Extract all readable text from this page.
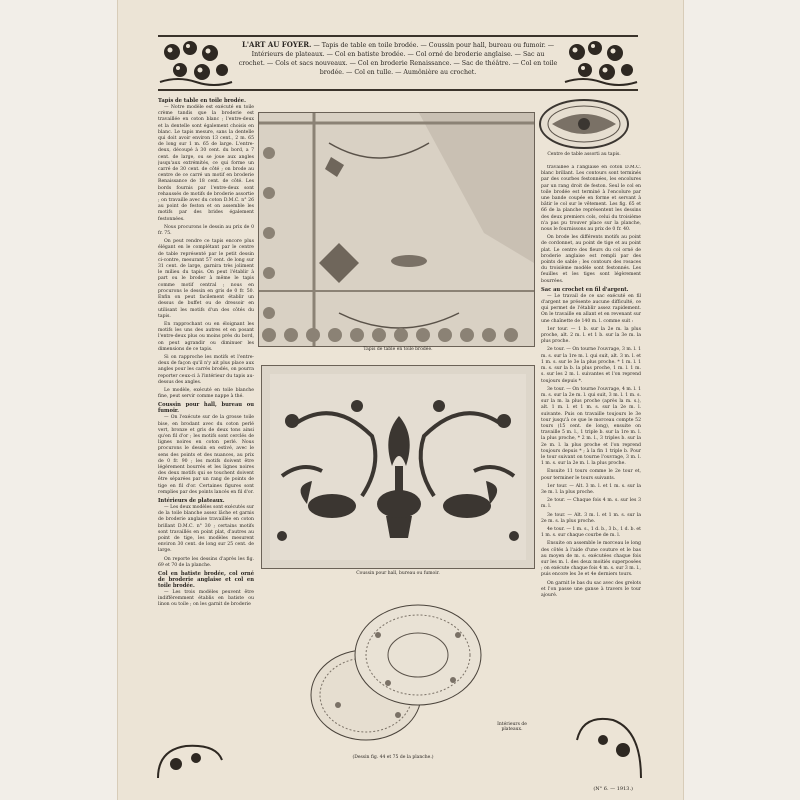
L'ART AU FOYER. — Tapis de table en toile brodée. — Coussin pour hall, bureau ou fumoir. — Intérieurs de plateaux. — Col en batiste brodée. — Col orné de broderie anglaise. — Sac au crochet. — Cols et sacs nouveaux. — Col en broderie Renaissance. — Sac de théâtre. — Col en toile brodée. — Col en tulle. — Aumônière au crochet.
Tapis de table en toile brodée.
Centre de table assorti au tapis.
Coussin pour hall, bureau ou fumoir.
(Dessin fig. 44 et 75 de la planche.)
Intérieurs de plateaux.
Tapis de table en toile brodée.

— Notre modèle est exécuté en toile crème tandis que la broderie est travaillée en coton blanc ; l'entre-deux et la dentelle sont également choisis en blanc. Le tapis mesure, sans la dentelle qui doit avoir environ 13 cent., 2 m. 65 de long sur 1 m. 65 de large. L'entre-deux, découpé à 30 cent. du bord, a 7 cent. de large, ou se joue aux angles jusqu'aux extrémités, ce qui forme un carré de 30 cent. de côté ; on brode au centre de ce carré un motif en broderie Renaissance de 18 cent. de côté. Les bords fournis par l'entre-deux sont rehaussés de motifs de broderie assortie ; on travaille avec du coton D.M.C. n° 26 au point de feston et on assemble les motifs par des brides également festonnées.

Nous procurons le dessin au prix de 0 fr. 75.

On peut rendre ce tapis encore plus élégant en le complétant par le centre de table représenté par le petit dessin ci-contre, mesurant 57 cent. de long sur 31 cent. de large, garnira très joliment le milieu du tapis. On peut l'établir à part ou le broder à même le tapis comme motif central ; nous en procurons le dessin en gris de 0 fr. 50. Enfin on peut facilement établir un dessus de buffet ou de dressoir en utilisant les motifs d'un des côtés du tapis.

En rapprochant ou en éloignant les motifs les uns des autres et en posant l'entre-deux plus ou moins près du bord, on peut agrandir ou diminuer les dimensions de ce tapis.

Si on rapproche les motifs et l'entre-deux de façon qu'il n'y ait plus place aux angles pour les carrés brodés, on pourra reporter ceux-ci à l'intérieur du tapis au-dessus des angles.

Le modèle, exécuté en toile blanche fine, peut servir comme nappe à thé.

Coussin pour hall, bureau ou fumoir.

— On l'exécute sur de la grosse toile bise, en brodant avec du coton perlé vert, bronze et gris de deux tons ainsi qu'en fil d'or ; les motifs sont cerclés de lignes noires en coton perlé. Nous procurons le dessin en estivé, avec le sens des points et des nuances, au prix de 0 fr. 90 ; les motifs doivent être légèrement bourrés et les lignes noires des deux motifs qui se touchent doivent être séparées par un rang de points de tige en fil d'or. Certaines figures sont remplies par des points lancés en fil d'or.

Intérieurs de plateaux.

— Les deux modèles sont exécutés sur de la toile blanche assez lâche et garnis de broderie anglaise travaillée en coton brillant D.M.C. n° 30 ; certains motifs sont travaillés en point plat, d'autres au point de tige, les modèles mesurent environ 30 cent. de long sur 25 cent. de large.

On reporte les dessins d'après les fig. 69 et 70 de la planche.

Col en batiste brodée, col orné de broderie anglaise et col en toile brodée.

— Les trois modèles peuvent être indifféremment établis en batiste ou linon ou toile ; on les garnit de broderie

travaillée à l'anglaise en coton D.M.C. blanc brillant. Les contours sont terminés par des courbes festonnées, les encolures par un rang droit de feston. Seul le col en toile brodée est terminé à l'encolure par une bande coupée en forme et servant à bâtir le col sur le vêtement. Les fig. 65 et 66 de la planche représentent les dessins des deux premiers cols, celui du troisième n'a pas pu trouver place sur la planche, nous le fournissons au prix de 0 fr. 40.

On brode les différents motifs au point de cordonnet, au point de tige et au point plat. Le centre des fleurs du col orné de broderie anglaise est rempli par des points de sable ; les contours des rosaces du troisième modèle sont festonnés. Les feuilles et les tiges sont légèrement bourrées.

Sac au crochet en fil d'argent.

— Le travail de ce sac exécuté en fil d'argent ne présente aucune difficulté, ce qui permet de l'établir assez rapidement. On le travaille en allant et en revenant sur une chaînette de 140 m. l. comme suit :

1er tour. — 1 b. sur la 2e m. la plus proche, alt. 2 m. l. et 1 b. sur la 3e m. la plus proche.

2e tour. — On tourne l'ouvrage, 3 m. l. 1 m. s. sur la 1re m. l. qui suit, alt. 3 m. l. et 1 m. s. sur le 3e la plus proche. * 1 m. l. 1 m. s. sur la b. la plus proche, 1 m. l. 1 m. s. sur les 2 m. l. suivantes et l'on reprend toujours depuis *.

3e tour. — On tourne l'ouvrage, 4 m. l. 1 m. s. sur la 2e m. l. qui suit, 3 m. l. 1 m. s. sur la m. la plus proche (après la m. s.), alt. 1 m. l. et 1 m. s. sur la 2e m. l. suivante. Puis on travaille toujours le 3e tour jusqu'à ce que le morceau compte 52 tours (15 cent. de long), ensuite on travaille 5 m. l., 1 triple b. sur la 1re m. l. la plus proche, * 2 m. l., 3 triples b. sur la 2e m. l. la plus proche et l'on reprend toujours depuis * ; à la fin 1 triple b. Pour le tour suivant on tourne l'ouvrage, 3 m. l. 1 m. s. sur la 2e m. l. la plus proche.

Ensuite 11 tours comme le 2e tour et, pour terminer le tours suivants.

1er tour. — Alt. 3 m. l. et 1 m. s. sur la 3e m. l. la plus proche.

2e tour. — Chaque fois 4 m. s. sur les 3 m. l.

3e tour. — Alt. 3 m. l. et 1 m. s. sur la 2e m. s. la plus proche.

4e tour. — 1 m. s., 1 d. b., 3 b., 1 d. b. et 1 m. s. sur chaque courbe de m. l.

Ensuite on assemble le morceau le long des côtés à l'aide d'une couture et le bas au moyen de m. s. exécutées chaque fois sur les m. l. des deux moitiés superposées ; on exécute chaque fois 4 m. s. sur 3 m. l., puis encore les 3e et 4e derniers tours.

On garnit le bas du sac avec des grelots et l'on passe une ganse à travers le tour ajouré.

(N° 6. — 1913.)
